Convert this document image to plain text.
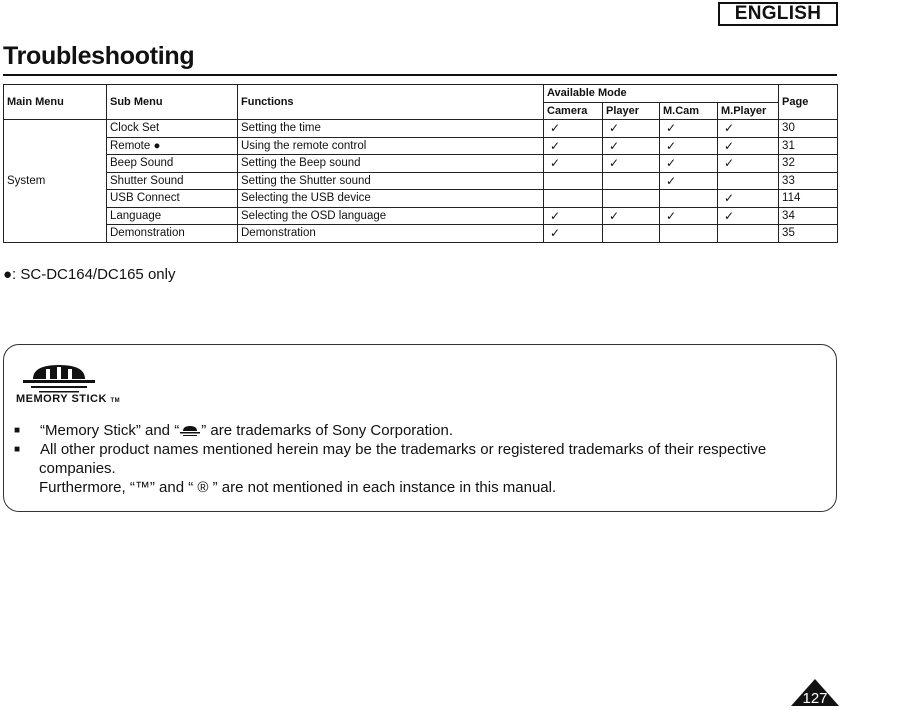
ENGLISH
Troubleshooting
Main Menu	Sub Menu	Functions	Available Mode				Page
			Camera	Player	M.Cam	M.Player	
System	Clock Set	Setting the time	✓	✓	✓	✓	30
	Remote ●	Using the remote control	✓	✓	✓	✓	31
	Beep Sound	Setting the Beep sound	✓	✓	✓	✓	32
	Shutter Sound	Setting the Shutter sound			✓		33
	USB Connect	Selecting the USB device				✓	114
	Language	Selecting the OSD language	✓	✓	✓	✓	34
	Demonstration	Demonstration	✓				35
●: SC-DC164/DC165 only
MEMORY STICK TM
■	“Memory Stick” and “ ” are trademarks of Sony Corporation.
■	All other product names mentioned herein may be the trademarks or registered trademarks of their respective
companies.
Furthermore, “™” and “ ® ” are not mentioned in each instance in this manual.
127
